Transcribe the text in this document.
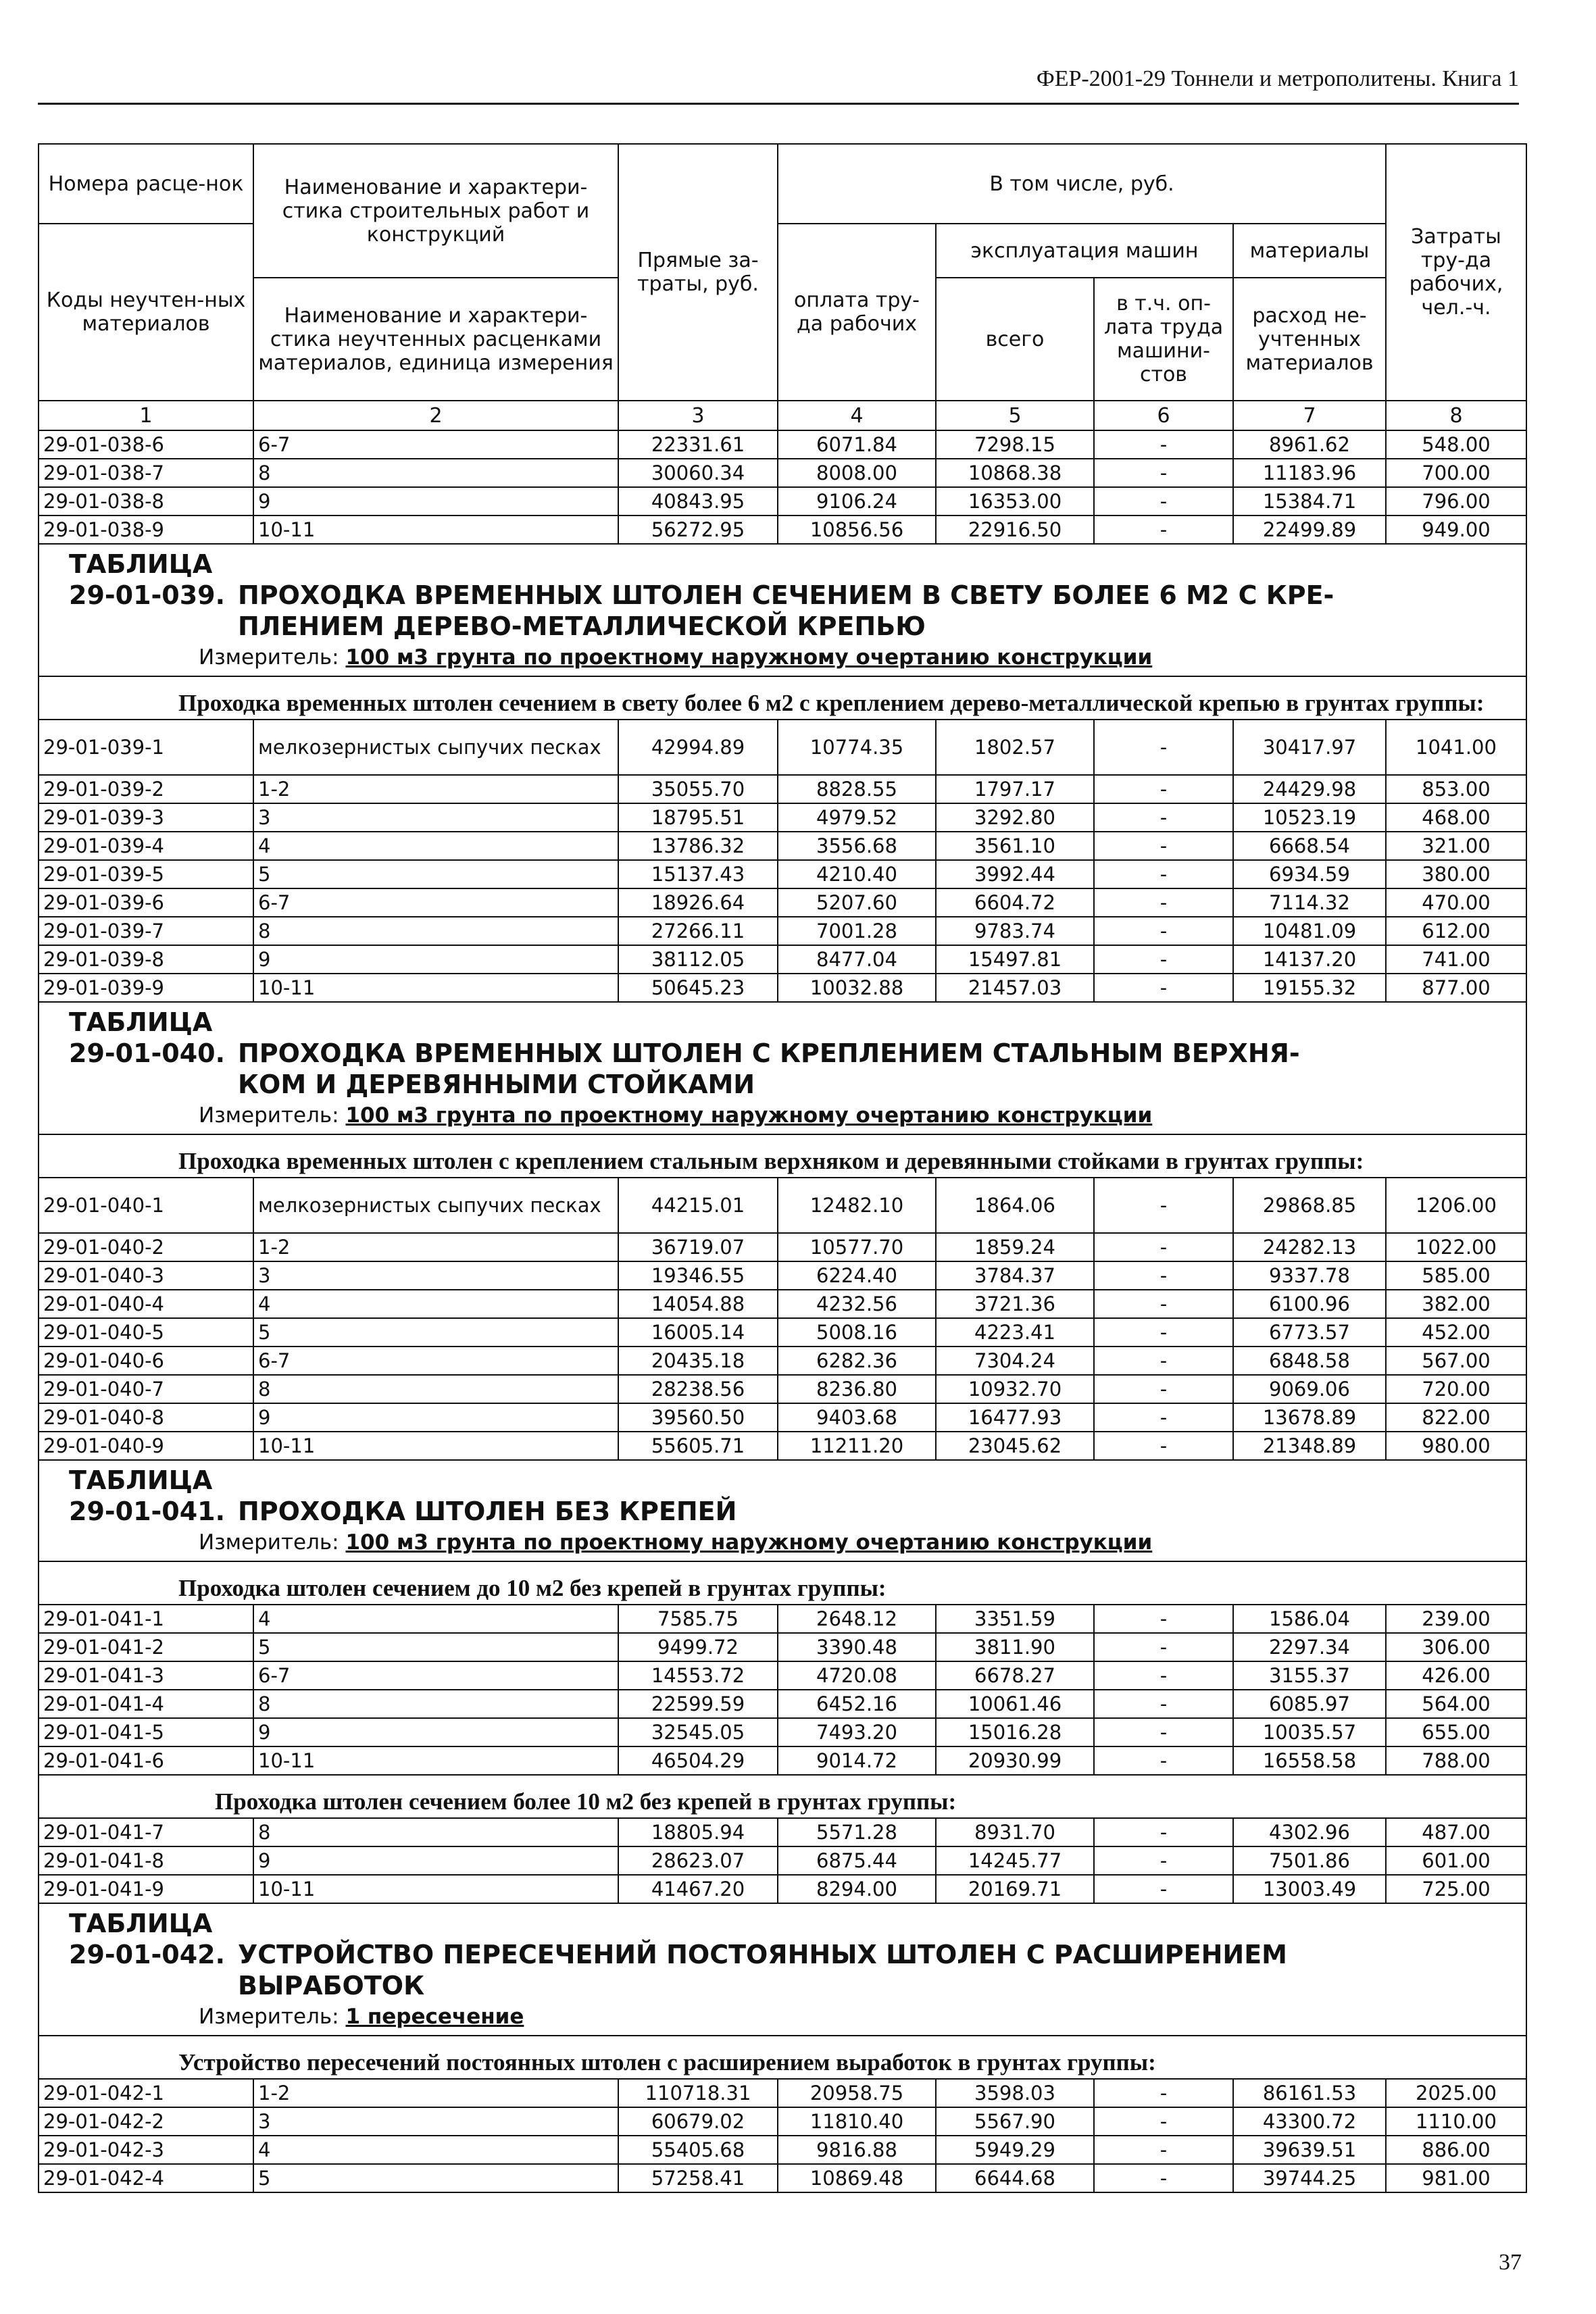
ФЕР-2001-29 Тоннели и метрополитены. Книга 1
Номера расце-нок	Наименование и характери-стика строительных работ и конструкций	Прямые за-траты, руб.	В том числе, руб.				Затраты тру-да рабочих, чел.-ч.
Коды неучтен-ных материалов			оплата тру-да рабочих	эксплуатация машин		материалы	
	Наименование и характери-стика неучтенных расценками материалов, единица измерения			всего	в т.ч. оп-лата труда машини-стов	расход не-учтенных материалов	

1	2	3	4	5	6	7	8
29-01-038-6	6-7	22331.61	6071.84	7298.15	-	8961.62	548.00
29-01-038-7	8	30060.34	8008.00	10868.38	-	11183.96	700.00
29-01-038-8	9	40843.95	9106.24	16353.00	-	15384.71	796.00
29-01-038-9	10-11	56272.95	10856.56	22916.50	-	22499.89	949.00

ТАБЛИЦА 29-01-039. ПРОХОДКА ВРЕМЕННЫХ ШТОЛЕН СЕЧЕНИЕМ В СВЕТУ БОЛЕЕ 6 М2 С КРЕ-
ПЛЕНИЕМ ДЕРЕВО-МЕТАЛЛИЧЕСКОЙ КРЕПЬЮ
Измеритель: 100 м3 грунта по проектному наружному очертанию конструкции							

Проходка временных штолен сечением в свету более 6 м2 с креплением дерево-металлической крепью в грунтах группы:							

29-01-039-1	мелкозернистых сыпучих песках	42994.89	10774.35	1802.57	-	30417.97	1041.00
29-01-039-2	1-2	35055.70	8828.55	1797.17	-	24429.98	853.00
29-01-039-3	3	18795.51	4979.52	3292.80	-	10523.19	468.00
29-01-039-4	4	13786.32	3556.68	3561.10	-	6668.54	321.00
29-01-039-5	5	15137.43	4210.40	3992.44	-	6934.59	380.00
29-01-039-6	6-7	18926.64	5207.60	6604.72	-	7114.32	470.00
29-01-039-7	8	27266.11	7001.28	9783.74	-	10481.09	612.00
29-01-039-8	9	38112.05	8477.04	15497.81	-	14137.20	741.00
29-01-039-9	10-11	50645.23	10032.88	21457.03	-	19155.32	877.00

ТАБЛИЦА 29-01-040. ПРОХОДКА ВРЕМЕННЫХ ШТОЛЕН С КРЕПЛЕНИЕМ СТАЛЬНЫМ ВЕРХНЯ-
КОМ И ДЕРЕВЯННЫМИ СТОЙКАМИ
Измеритель: 100 м3 грунта по проектному наружному очертанию конструкции							

Проходка временных штолен с креплением стальным верхняком и деревянными стойками в грунтах группы:							

29-01-040-1	мелкозернистых сыпучих песках	44215.01	12482.10	1864.06	-	29868.85	1206.00
29-01-040-2	1-2	36719.07	10577.70	1859.24	-	24282.13	1022.00
29-01-040-3	3	19346.55	6224.40	3784.37	-	9337.78	585.00
29-01-040-4	4	14054.88	4232.56	3721.36	-	6100.96	382.00
29-01-040-5	5	16005.14	5008.16	4223.41	-	6773.57	452.00
29-01-040-6	6-7	20435.18	6282.36	7304.24	-	6848.58	567.00
29-01-040-7	8	28238.56	8236.80	10932.70	-	9069.06	720.00
29-01-040-8	9	39560.50	9403.68	16477.93	-	13678.89	822.00
29-01-040-9	10-11	55605.71	11211.20	23045.62	-	21348.89	980.00

ТАБЛИЦА 29-01-041. ПРОХОДКА ШТОЛЕН БЕЗ КРЕПЕЙ
Измеритель: 100 м3 грунта по проектному наружному очертанию конструкции							

Проходка штолен сечением до 10 м2 без крепей в грунтах группы:							

29-01-041-1	4	7585.75	2648.12	3351.59	-	1586.04	239.00
29-01-041-2	5	9499.72	3390.48	3811.90	-	2297.34	306.00
29-01-041-3	6-7	14553.72	4720.08	6678.27	-	3155.37	426.00
29-01-041-4	8	22599.59	6452.16	10061.46	-	6085.97	564.00
29-01-041-5	9	32545.05	7493.20	15016.28	-	10035.57	655.00
29-01-041-6	10-11	46504.29	9014.72	20930.99	-	16558.58	788.00

Проходка штолен сечением более 10 м2 без крепей в грунтах группы:							

29-01-041-7	8	18805.94	5571.28	8931.70	-	4302.96	487.00
29-01-041-8	9	28623.07	6875.44	14245.77	-	7501.86	601.00
29-01-041-9	10-11	41467.20	8294.00	20169.71	-	13003.49	725.00

ТАБЛИЦА 29-01-042. УСТРОЙСТВО ПЕРЕСЕЧЕНИЙ ПОСТОЯННЫХ ШТОЛЕН С РАСШИРЕНИЕМ
ВЫРАБОТОК
Измеритель: 1 пересечение							

Устройство пересечений постоянных штолен с расширением выработок в грунтах группы:							

29-01-042-1	1-2	110718.31	20958.75	3598.03	-	86161.53	2025.00
29-01-042-2	3	60679.02	11810.40	5567.90	-	43300.72	1110.00
29-01-042-3	4	55405.68	9816.88	5949.29	-	39639.51	886.00
29-01-042-4	5	57258.41	10869.48	6644.68	-	39744.25	981.00
37
